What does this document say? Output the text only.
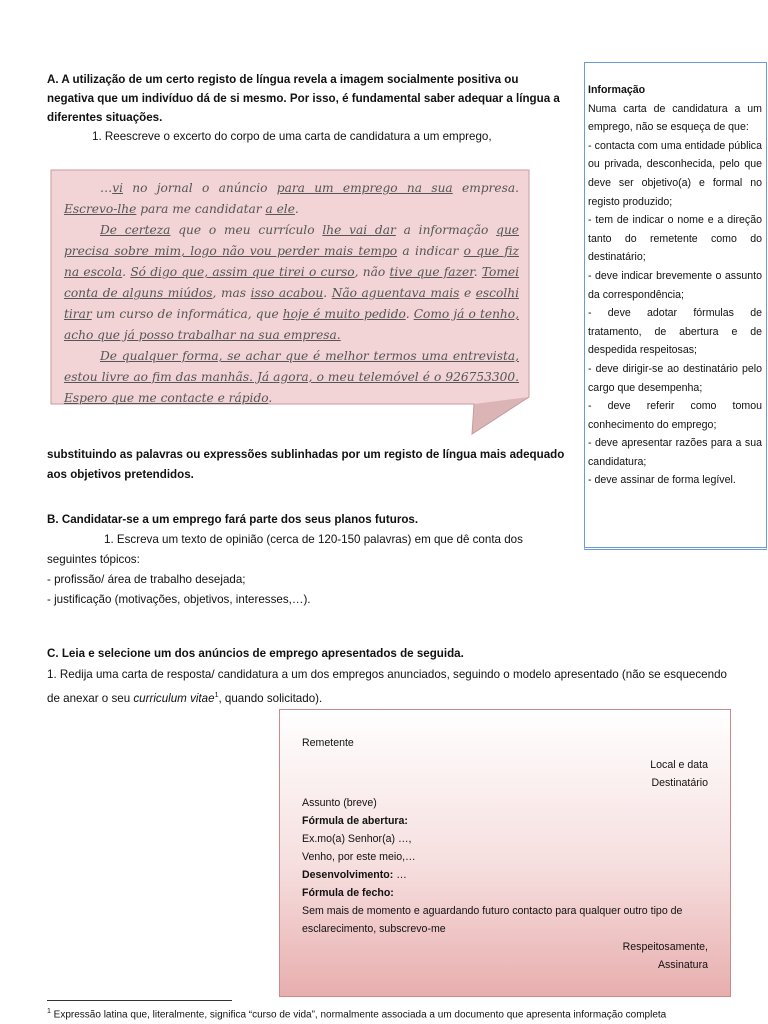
A. A utilização de um certo registo de língua revela a imagem socialmente positiva ou negativa que um indivíduo dá de si mesmo. Por isso, é fundamental saber adequar a língua a diferentes situações.

1. Reescreve o excerto do corpo de uma carta de candidatura a um emprego,

…vi no jornal o anúncio para um emprego na sua empresa. Escrevo-lhe para me candidatar a ele.

De certeza que o meu currículo lhe vai dar a informação que precisa sobre mim, logo não vou perder mais tempo a indicar o que fiz na escola. Só digo que, assim que tirei o curso, não tive que fazer. Tomei conta de alguns miúdos, mas isso acabou. Não aguentava mais e escolhi tirar um curso de informática, que hoje é muito pedido. Como já o tenho, acho que já posso trabalhar na sua empresa.

De qualquer forma, se achar que é melhor termos uma entrevista, estou livre ao fim das manhãs. Já agora, o meu telemóvel é o 926753300. Espero que me contacte e rápido.

Informação
Numa carta de candidatura a um emprego, não se esqueça de que:
- contacta com uma entidade pública ou privada, desconhecida, pelo que deve ser objetivo(a) e formal no registo produzido;
- tem de indicar o nome e a direção tanto do remetente como do destinatário;
- deve indicar brevemente o assunto da correspondência;
- deve adotar fórmulas de tratamento, de abertura e de despedida respeitosas;
- deve dirigir-se ao destinatário pelo cargo que desempenha;
- deve referir como tomou conhecimento do emprego;
- deve apresentar razões para a sua candidatura;
- deve assinar de forma legível.
substituindo as palavras ou expressões sublinhadas por um registo de língua mais adequado aos objetivos pretendidos.

B. Candidatar-se a um emprego fará parte dos seus planos futuros.

1. Escreva um texto de opinião (cerca de 120-150 palavras) em que dê conta dos seguintes tópicos:

- profissão/ área de trabalho desejada;

- justificação (motivações, objetivos, interesses,…).

C. Leia e selecione um dos anúncios de emprego apresentados de seguida.

1. Redija uma carta de resposta/ candidatura a um dos empregos anunciados, seguindo o modelo apresentado (não se esquecendo de anexar o seu curriculum vitae$^1$, quando solicitado).

Remetente
Local e data
Destinatário
Assunto (breve)
Fórmula de abertura:
Ex.mo(a) Senhor(a) …,
Venho, por este meio,…
Desenvolvimento: …
Fórmula de fecho:
Sem mais de momento e aguardando futuro contacto para qualquer outro tipo de esclarecimento, subscrevo-me
Respeitosamente,
Assinatura
$^1$ Expressão latina que, literalmente, significa “curso de vida”, normalmente associada a um documento que apresenta informação completa
